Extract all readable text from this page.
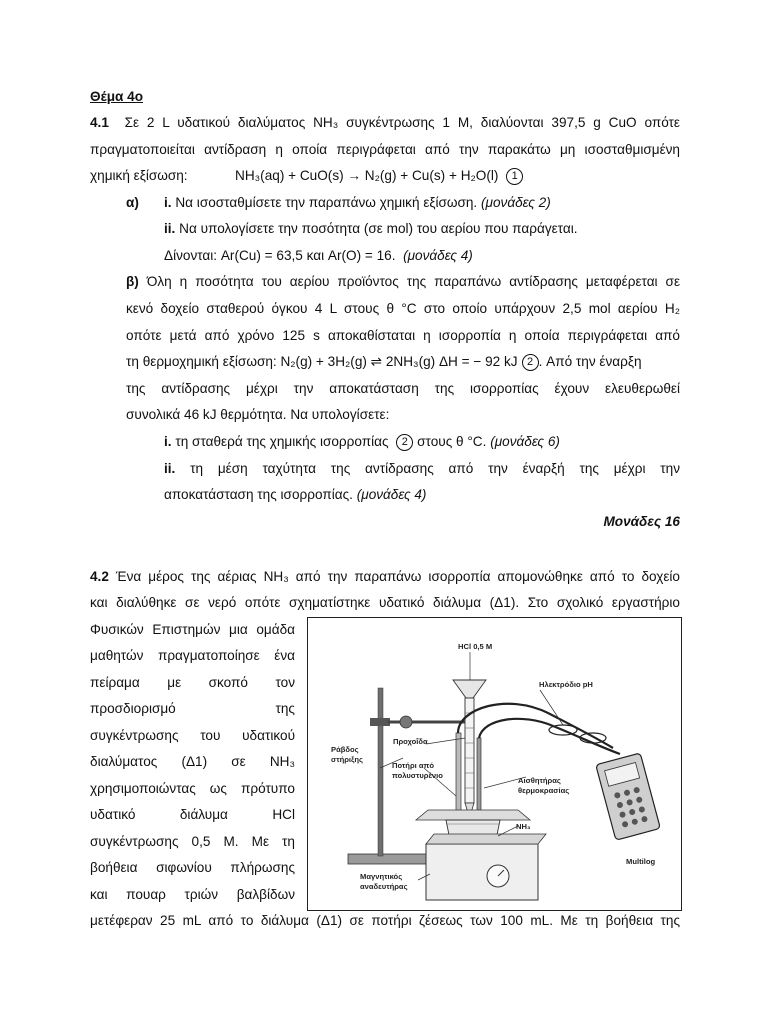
Θέμα 4ο
4.1 Σε 2 L υδατικού διαλύματος NH₃ συγκέντρωσης 1 Μ, διαλύονται 397,5 g CuO οπότε
πραγματοποιείται αντίδραση η οποία περιγράφεται από την παρακάτω μη ισοσταθμισμένη
χημική εξίσωση:	NH₃(aq) + CuO(s) → N₂(g) + Cu(s) + H₂O(l) 1
α) i. Να ισοσταθμίσετε την παραπάνω χημική εξίσωση. (μονάδες 2)
ii. Να υπολογίσετε την ποσότητα (σε mol) του αερίου που παράγεται.
Δίνονται: Ar(Cu) = 63,5 και Ar(O) = 16. (μονάδες 4)
β) Όλη η ποσότητα του αερίου προϊόντος της παραπάνω αντίδρασης μεταφέρεται σε
κενό δοχείο σταθερού όγκου 4 L στους θ °C στο οποίο υπάρχουν 2,5 mol αερίου H₂
οπότε μετά από χρόνο 125 s αποκαθίσταται η ισορροπία η οποία περιγράφεται από
τη θερμοχημική εξίσωση: N₂(g) + 3H₂(g) ⇌ 2NH₃(g) ΔH = − 92 kJ 2 . Από την έναρξη
της αντίδρασης μέχρι την αποκατάσταση της ισορροπίας έχουν ελευθερωθεί
συνολικά 46 kJ θερμότητα. Να υπολογίσετε:
i. τη σταθερά της χημικής ισορροπίας 2 στους θ °C. (μονάδες 6)
ii. τη μέση ταχύτητα της αντίδρασης από την έναρξή της μέχρι την
αποκατάσταση της ισορροπίας. (μονάδες 4)
Μονάδες 16
4.2 Ένα μέρος της αέριας NH₃ από την παραπάνω ισορροπία απομονώθηκε από το δοχείο
και διαλύθηκε σε νερό οπότε σχηματίστηκε υδατικό διάλυμα (Δ1). Στο σχολικό εργαστήριο
Φυσικών Επιστημών μια ομάδα
μαθητών πραγματοποίησε ένα
πείραμα με σκοπό τον
προσδιορισμό της
συγκέντρωσης του υδατικού
διαλύματος (Δ1) σε NH₃
χρησιμοποιώντας ως πρότυπο
υδατικό διάλυμα HCl
συγκέντρωσης 0,5 Μ. Με τη
βοήθεια σιφωνίου πλήρωσης
και πουαρ τριών βαλβίδων
μετέφεραν 25 mL από το διάλυμα (Δ1) σε ποτήρι ζέσεως των 100 mL. Με τη βοήθεια της
HCl 0,5 M
Ηλεκτρόδιο pH
Ράβδος
στήριξης
Προχοΐδα
Ποτήρι από
πολυστυρένιο
Αισθητήρας
θερμοκρασίας
NH₃
Multilog
Μαγνητικός
αναδευτήρας
